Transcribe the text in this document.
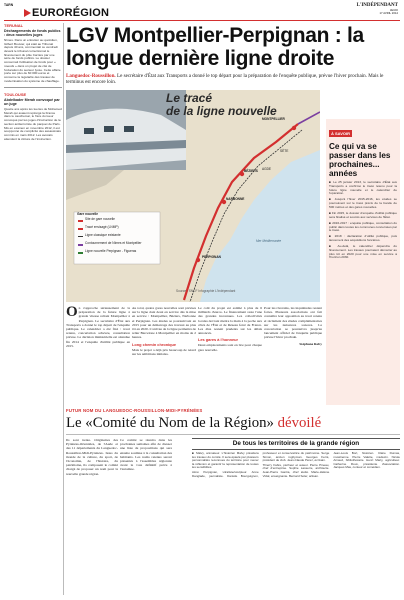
TARN
EURORÉGION
L'INDÉPENDANT
JEUDI
17 AVRIL 2014
TERUNAL
Déchargements de fonds publics : deux nouvelles juges
Nîmes. Dans un entretien au quotidien, Gilbert Bouvier, qui était au Tribunal depuis 40 ans, commentait ce vendredi devant le tribunal correctionnel le financement du pôle Carrère par une série de fonds publics. Le dossier concernait l'utilisation de fonds pour « noeuds » dans un projet de cité de l'éducation du secteur lycée. Cette affaire porte sur plus de 60 000 euros et concerne la régularité des travaux de modernisation du système de chauffage.
TOULOUSE
Abdelkader Merah convoqué par un juge
Quatre ans après les tueries de Mohamed Merah qui avaient replongé la France dans le cauchemar, le frère du tueur convoqué par les juges d'instruction de la section antiterroriste du parquet de Paris. Mis en examen en novembre 2012, il est soupçonné de complicité des assassinats commis en mars 2012. Les avocats attendent la clôture de l'instruction.
LGV Montpellier-Perpignan : la longue dernière ligne droite
Languedoc-Roussillon. Le secrétaire d'État aux Transports a donné le top départ pour la préparation de l'enquête publique, prévue l'hiver prochain. Mais le terminus est encore loin.
Le tracé
de la ligne nouvelle
MONTPELLIER
BÉZIERS
NARBONNE
PERPIGNAN
SÈTE
AGDE
Mer Méditerranée
Gare nouvelle
Site de gare nouvelle
Tracé envisagé (LNMP)
Ligne classique existante
Contournement de Nîmes et Montpellier
Ligne nouvelle Perpignan - Figueras
Source : SNCF Infographie L'Indépendant
À SAVOIR
Ce qui va se passer dans les prochaines... années

■ Le 25 janvier 2013, le secrétaire d'État aux Transports a confirmé le tracé retenu pour la future ligne nouvelle et le calendrier de l'opération.

■ Jusqu'à l'hiver 2015-2016, les études se poursuivent sur le tracé précis de la bande de 500 mètres et des gares nouvelles.

■ Fin 2015, le dossier d'enquête d'utilité publique sera finalisé et soumis aux services de l'État.

■ 2016-2017 : enquête publique, consultation du public dans toutes les communes concernées par le tracé.

■ 2018 : déclaration d'utilité publique, puis lancement des acquisitions foncières.

■ Au-delà, le calendrier dépendra du financement. Les travaux pourraient démarrer au plus tôt en 2020 pour une mise en service à l'horizon 2030.

O n s'approche sérieusement de la préparation de la future ligne à grande vitesse reliant Montpellier à Perpignan. Le secrétaire d'État aux Transports a donné le top départ de l'enquête publique. Le calendrier a été fixé : tracé retenu, concertation achevée, consultation prévue. La décision ministérielle est attendue fin 2014 et l'enquête d'utilité publique en 2015.
Au total, quatre gares nouvelles sont prévues sur la ligne dont deux en service dès la mise en service : Montpellier, Béziers, Narbonne et Perpignan. Les études se poursuivront en 2015 pour un démarrage des travaux au plus tôt en 2020. L'arrivée de la ligne permettra de relier Barcelone à Montpellier en moins de 2 heures.
Long chemin chronique
Mais le projet a déjà pris beaucoup de retard sur les ambitions initiales.
Le coût du projet est estimé à plus de 6 milliards d'euros. Le financement reste l'une des grandes inconnues. Les collectivités locales devront mettre la main à la poche aux côtés de l'État et de Réseau ferré de France. Les élus restent prudents sur les délais annoncés.
Les gares à l'honneur
Deux emplacements sont en lice pour chaque gare nouvelle.
Pour les riverains, les inquiétudes restent fortes. Plusieurs associations ont fait connaître leur opposition au tracé retenu et réclament des études complémentaires sur les nuisances sonores. La concertation se poursuivra jusqu'au lancement officiel de l'enquête publique prévue l'hiver prochain.
Stéphane Roby
FUTUR NOM DU LANGUEDOC-ROUSSILLON-MIDI-PYRÉNÉES
Le «Comité du Nom de la Région» dévoilé
Ils sont trente. Originaires des Pyrénées-Orientales, de l'Aude et des 11 départements du Languedoc-Roussillon-Midi-Pyrénées. Issus du monde de la culture, du sport, de l'économie, de l'histoire, du patrimoine, ils composent le comité chargé de proposer un nom pour la nouvelle grande région.
Ce comité se réunira dans les prochaines semaines afin de dresser une liste de propositions qui sera ensuite soumise à la consultation des habitants. Les noms retenus seront présentés à l'assemblée régionale avant le vote définitif prévu à l'automne.
De tous les territoires de la grande région

■ Malvy, animateur. L'historien Malvy présidera les travaux du comité. Il sera épaulé par plusieurs personnalités reconnues du territoire pour mener la réflexion et garantir la représentation de toutes les sensibilités.

Aimé Perpignan, vitraliste/sculpteur. Anne Danglade, journaliste. Danièle Bourguignon, professeur et conservatrice du patrimoine. Serge Simon, ancien rugbyman. Georges Ferré, président de club. Jean-Claude Pérez, écrivain.

Thierry Fabre, pêcheur et auteur. Pierre Pineau, chef d'entreprise. Sophie Lasserre, architecte. Jean-Pierre Garcia, chef étoilé. Marie-Hélène Vidal, enseignante. Bernard Soler, artisan.

Jean-Louis Bort, historien. Claire Dumas, musicienne. Pierre Valette, médecin. Nicole Arnaud, bibliothécaire. Henri Marty, agriculteur. Catherine Roux, présidente d'association. Jacques Mas, conteur et comédien.
